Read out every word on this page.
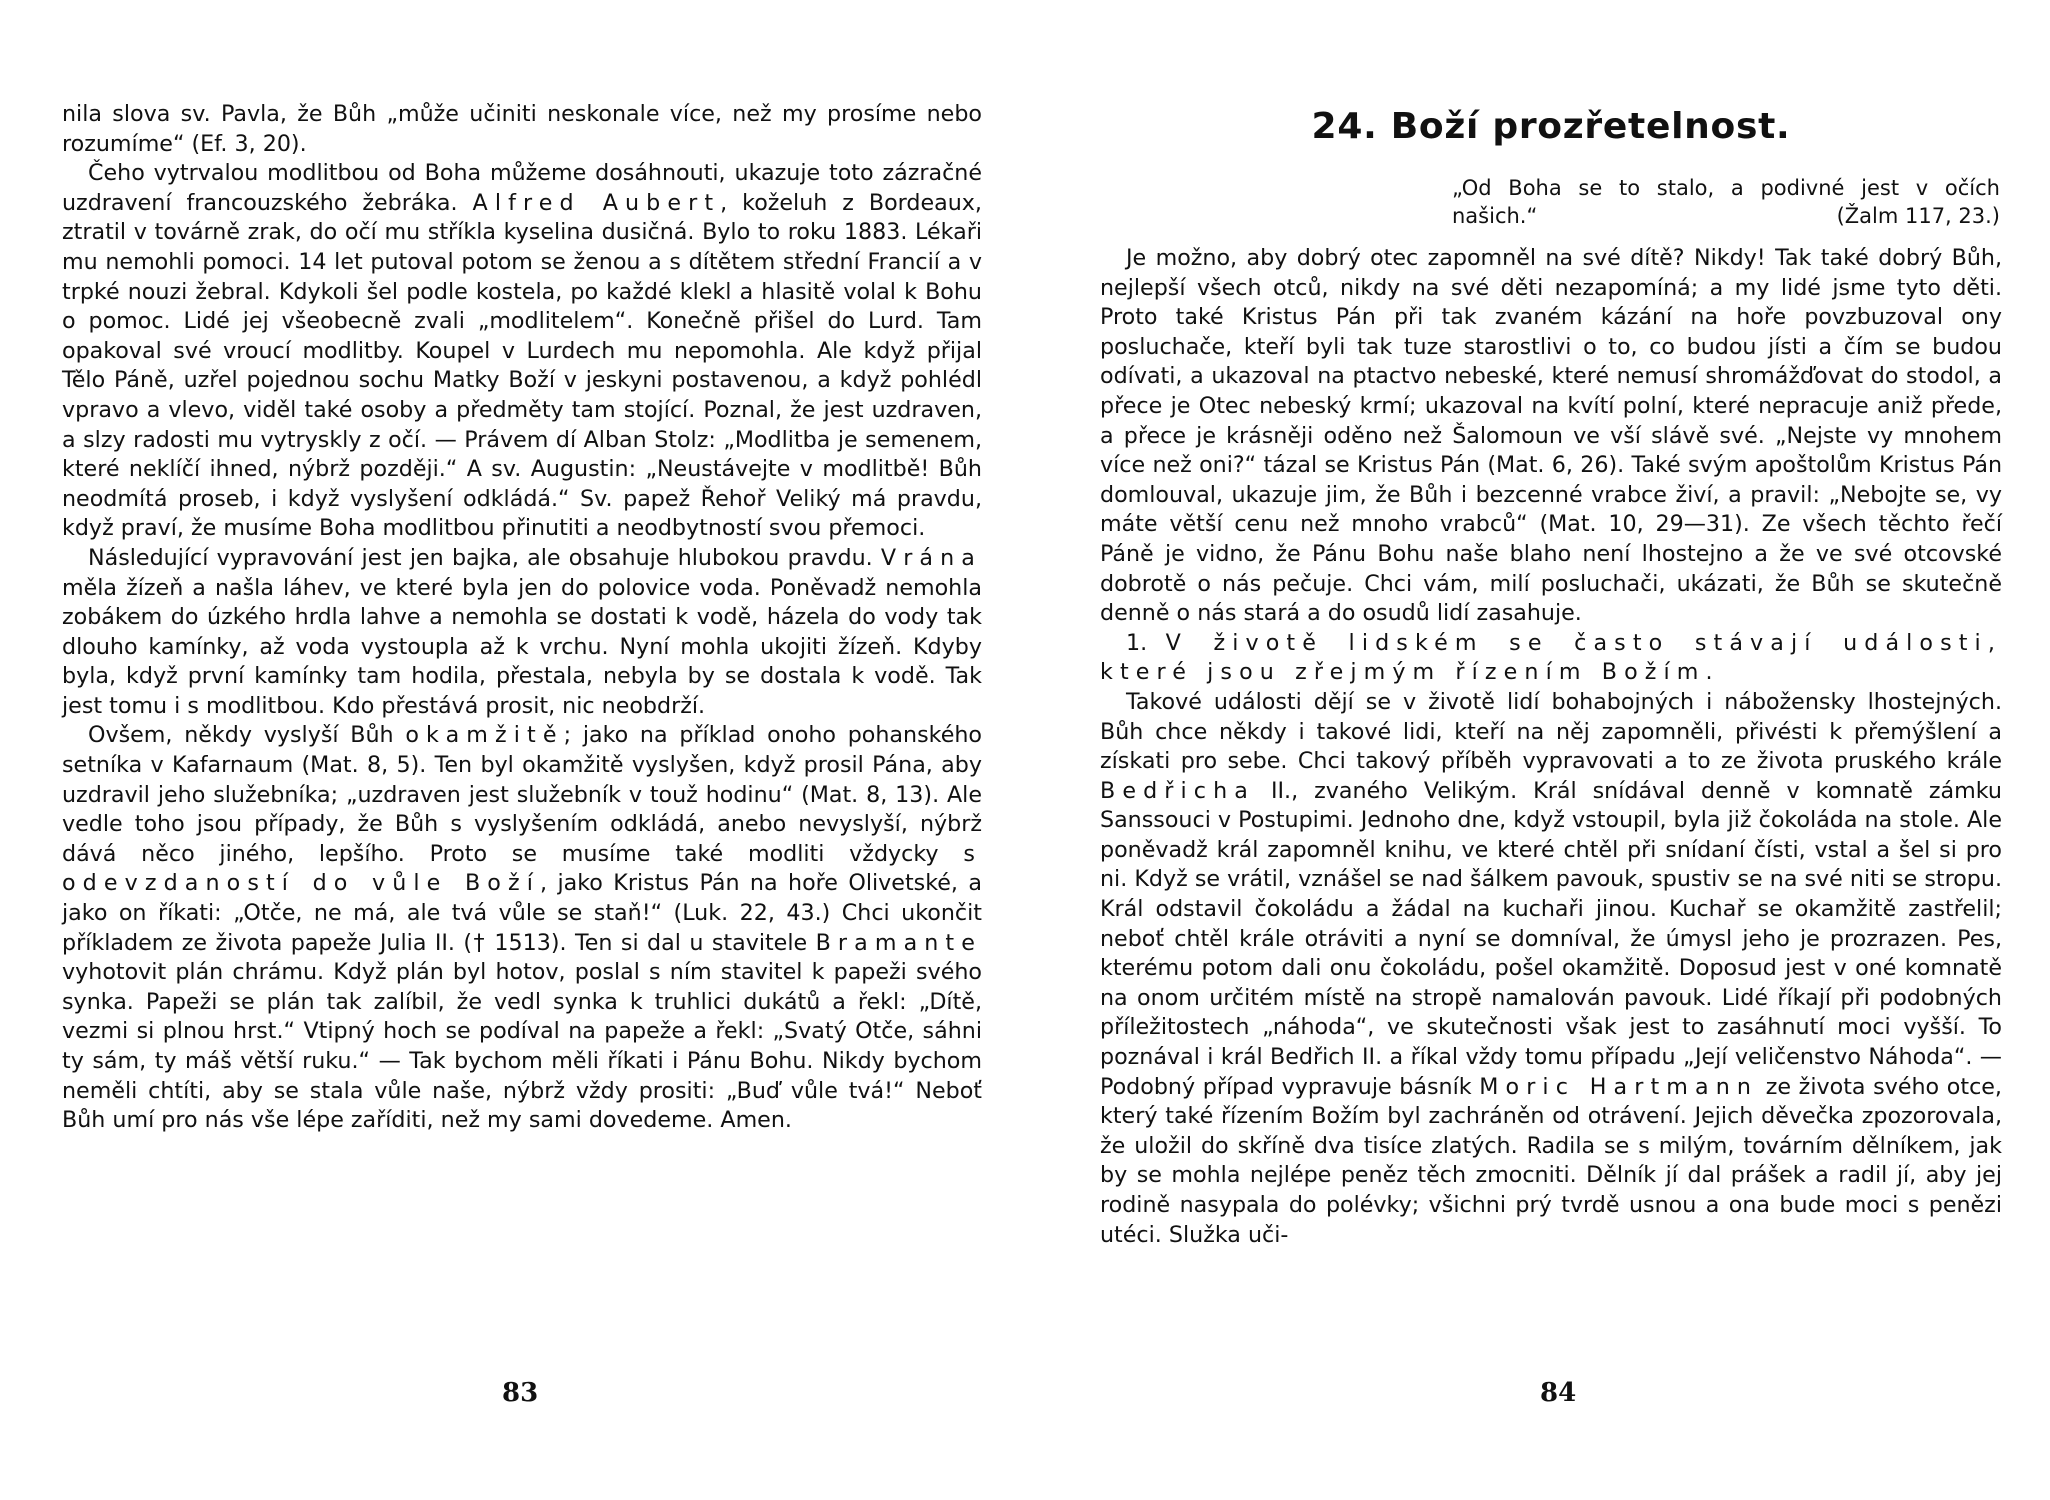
nila slova sv. Pavla, že Bůh „může učiniti neskonale více, než my prosíme nebo rozumíme“ (Ef. 3, 20).

Čeho vytrvalou modlitbou od Boha můžeme dosáhnouti, ukazuje toto zázračné uzdravení francouzského žebráka. Alfred Aubert, koželuh z Bordeaux, ztratil v továrně zrak, do očí mu stříkla kyselina dusičná. Bylo to roku 1883. Lékaři mu nemohli pomoci. 14 let putoval potom se ženou a s dítětem střední Francií a v trpké nouzi žebral. Kdykoli šel podle kostela, po každé klekl a hlasitě volal k Bohu o pomoc. Lidé jej všeobecně zvali „modlitelem“. Konečně přišel do Lurd. Tam opakoval své vroucí modlitby. Koupel v Lurdech mu nepomohla. Ale když přijal Tělo Páně, uzřel pojednou sochu Matky Boží v jeskyni postavenou, a když pohlédl vpravo a vlevo, viděl také osoby a předměty tam stojící. Poznal, že jest uzdraven, a slzy radosti mu vytryskly z očí. — Právem dí Alban Stolz: „Modlitba je semenem, které neklíčí ihned, nýbrž později.“ A sv. Augustin: „Neustávejte v modlitbě! Bůh neodmítá proseb, i když vyslyšení odkládá.“ Sv. papež Řehoř Veliký má pravdu, když praví, že musíme Boha modlitbou přinutiti a neodbytností svou přemoci.

Následující vypravování jest jen bajka, ale obsahuje hlubokou pravdu. Vrána měla žízeň a našla láhev, ve které byla jen do polovice voda. Poněvadž nemohla zobákem do úzkého hrdla lahve a nemohla se dostati k vodě, házela do vody tak dlouho kamínky, až voda vystoupla až k vrchu. Nyní mohla ukojiti žízeň. Kdyby byla, když první kamínky tam hodila, přestala, nebyla by se dostala k vodě. Tak jest tomu i s modlitbou. Kdo přestává prosit, nic neobdrží.

Ovšem, někdy vyslyší Bůh okamžitě; jako na příklad onoho pohanského setníka v Kafarnaum (Mat. 8, 5). Ten byl okamžitě vyslyšen, když prosil Pána, aby uzdravil jeho služebníka; „uzdraven jest služebník v touž hodinu“ (Mat. 8, 13). Ale vedle toho jsou případy, že Bůh s vyslyšením odkládá, anebo nevyslyší, nýbrž dává něco jiného, lepšího. Proto se musíme také modliti vždycky s odevzdaností do vůle Boží, jako Kristus Pán na hoře Olivetské, a jako on říkati: „Otče, ne má, ale tvá vůle se staň!“ (Luk. 22, 43.) Chci ukončit příkladem ze života papeže Julia II. († 1513). Ten si dal u stavitele Bramante vyhotovit plán chrámu. Když plán byl hotov, poslal s ním stavitel k papeži svého synka. Papeži se plán tak zalíbil, že vedl synka k truhlici dukátů a řekl: „Dítě, vezmi si plnou hrst.“ Vtipný hoch se podíval na papeže a řekl: „Svatý Otče, sáhni ty sám, ty máš větší ruku.“ — Tak bychom měli říkati i Pánu Bohu. Nikdy bychom neměli chtíti, aby se stala vůle naše, nýbrž vždy prositi: „Buď vůle tvá!“ Neboť Bůh umí pro nás vše lépe zaříditi, než my sami dovedeme. Amen.

83
24. Boží prozřetelnost.
„Od Boha se to stalo, a podivné jest v očích našich.“	(Žalm 117, 23.)

Je možno, aby dobrý otec zapomněl na své dítě? Nikdy! Tak také dobrý Bůh, nejlepší všech otců, nikdy na své děti nezapomíná; a my lidé jsme tyto děti. Proto také Kristus Pán při tak zvaném kázání na hoře povzbuzoval ony posluchače, kteří byli tak tuze starostlivi o to, co budou jísti a čím se budou odívati, a ukazoval na ptactvo nebeské, které nemusí shromážďovat do stodol, a přece je Otec nebeský krmí; ukazoval na kvítí polní, které nepracuje aniž přede, a přece je krásněji oděno než Šalomoun ve vší slávě své. „Nejste vy mnohem více než oni?“ tázal se Kristus Pán (Mat. 6, 26). Také svým apoštolům Kristus Pán domlouval, ukazuje jim, že Bůh i bezcenné vrabce živí, a pravil: „Nebojte se, vy máte větší cenu než mnoho vrabců“ (Mat. 10, 29—31). Ze všech těchto řečí Páně je vidno, že Pánu Bohu naše blaho není lhostejno a že ve své otcovské dobrotě o nás pečuje. Chci vám, milí posluchači, ukázati, že Bůh se skutečně denně o nás stará a do osudů lidí zasahuje.

1. V životě lidském se často stávají události, které jsou zřejmým řízením Božím.

Takové události dějí se v životě lidí bohabojných i nábožensky lhostejných. Bůh chce někdy i takové lidi, kteří na něj zapomněli, přivésti k přemýšlení a získati pro sebe. Chci takový příběh vypravovati a to ze života pruského krále Bedřicha II., zvaného Velikým. Král snídával denně v komnatě zámku Sanssouci v Postupimi. Jednoho dne, když vstoupil, byla již čokoláda na stole. Ale poněvadž král zapomněl knihu, ve které chtěl při snídaní čísti, vstal a šel si pro ni. Když se vrátil, vznášel se nad šálkem pavouk, spustiv se na své niti se stropu. Král odstavil čokoládu a žádal na kuchaři jinou. Kuchař se okamžitě zastřelil; neboť chtěl krále otráviti a nyní se domníval, že úmysl jeho je prozrazen. Pes, kterému potom dali onu čokoládu, pošel okamžitě. Doposud jest v oné komnatě na onom určitém místě na stropě namalován pavouk. Lidé říkají při podobných příležitostech „náhoda“, ve skutečnosti však jest to zasáhnutí moci vyšší. To poznával i král Bedřich II. a říkal vždy tomu případu „Její veličenstvo Náhoda“. — Podobný případ vypravuje básník Moric Hartmann ze života svého otce, který také řízením Božím byl zachráněn od otrávení. Jejich děvečka zpozorovala, že uložil do skříně dva tisíce zlatých. Radila se s milým, továrním dělníkem, jak by se mohla nejlépe peněz těch zmocniti. Dělník jí dal prášek a radil jí, aby jej rodině nasypala do polévky; všichni prý tvrdě usnou a ona bude moci s penězi utéci. Služka uči-

84
